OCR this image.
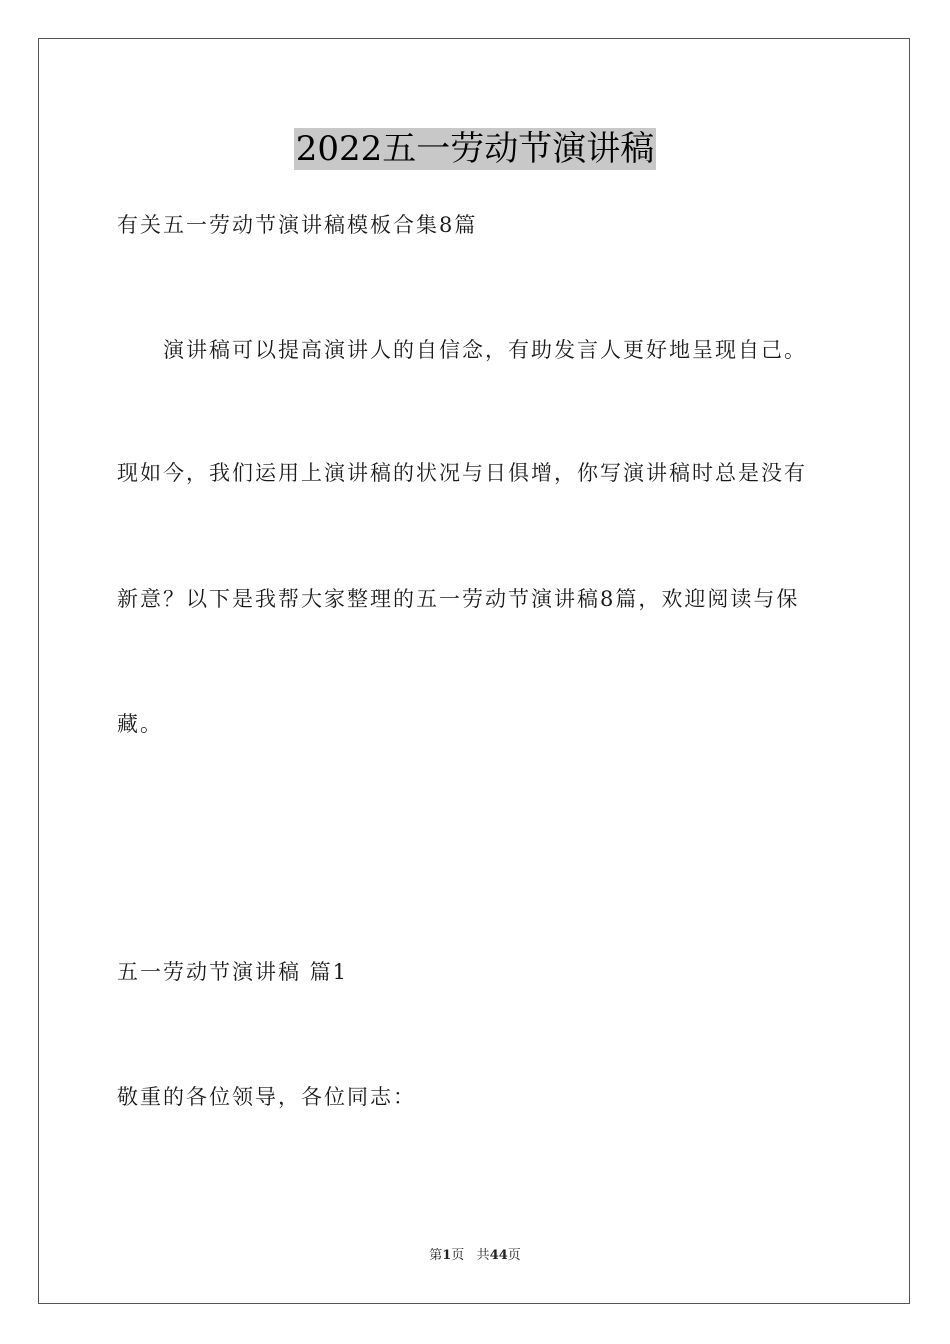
2022五一劳动节演讲稿
有关五一劳动节演讲稿模板合集8篇
演讲稿可以提高演讲人的自信念，有助发言人更好地呈现自己。
现如今，我们运用上演讲稿的状况与日俱增，你写演讲稿时总是没有
新意？以下是我帮大家整理的五一劳动节演讲稿8篇，欢迎阅读与保
藏。
五一劳动节演讲稿 篇1
敬重的各位领导，各位同志：
第1页 共44页
